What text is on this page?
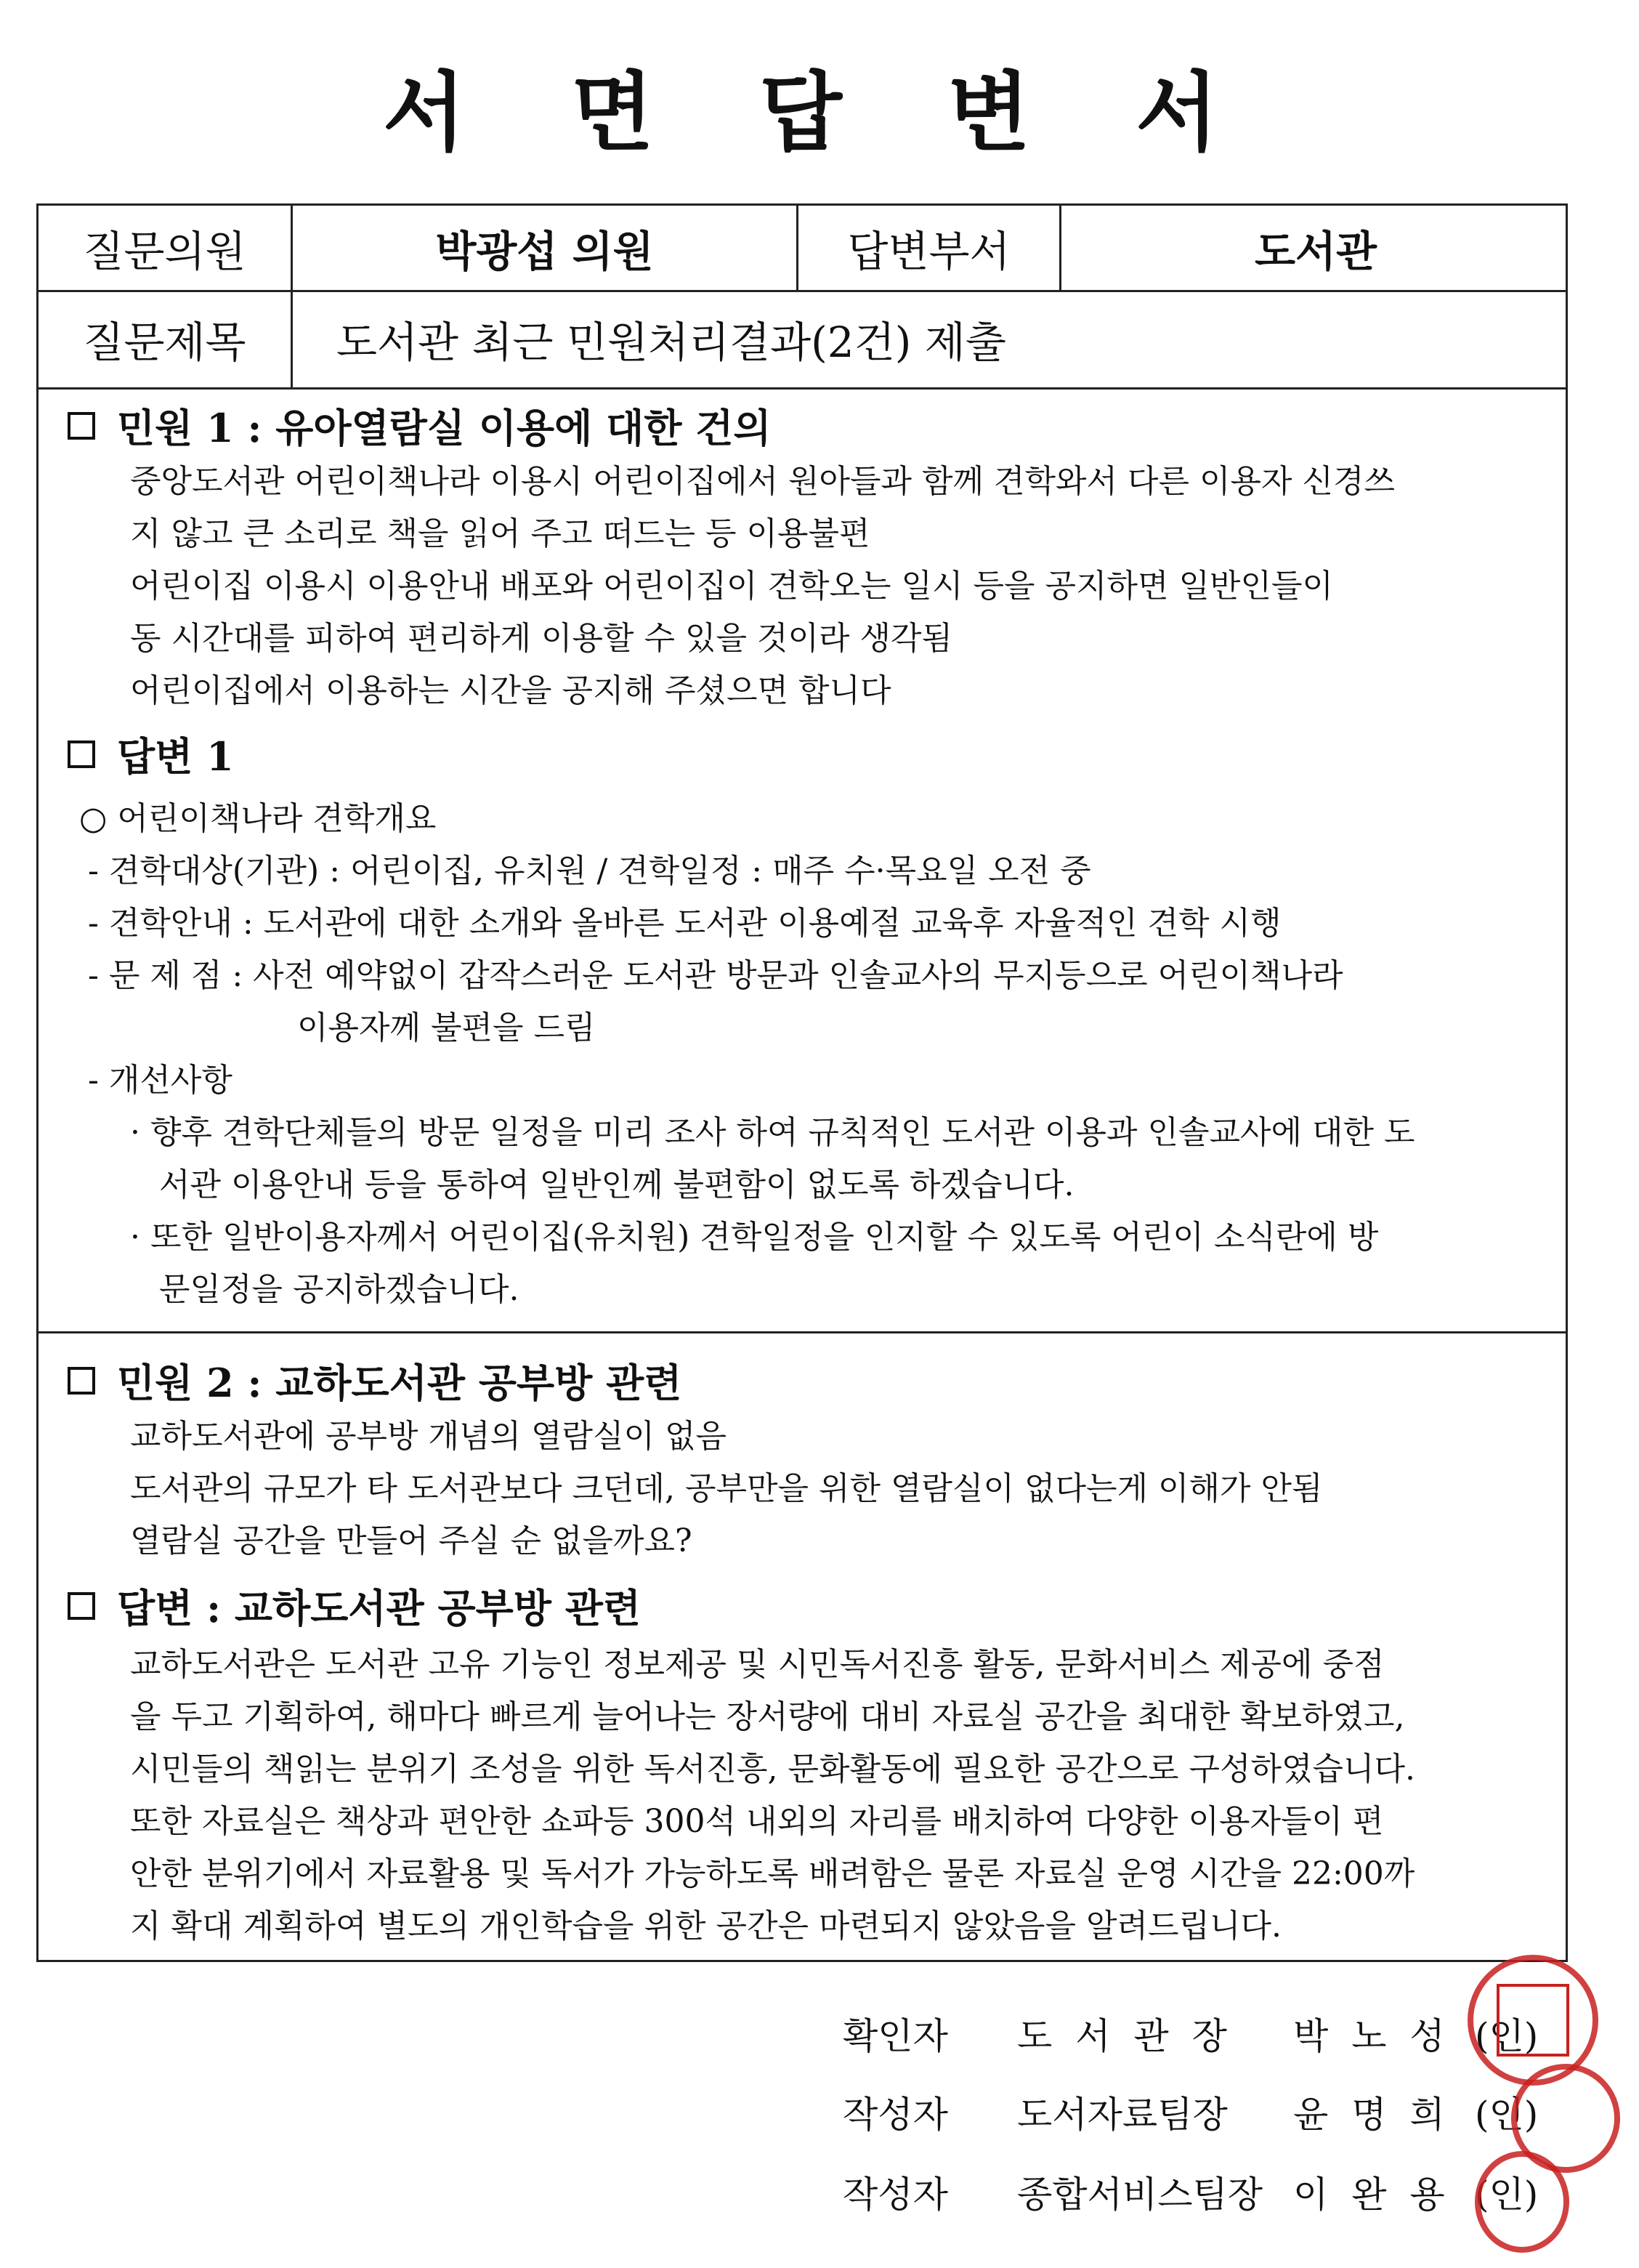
서 면 답 변 서
질문의원	박광섭 의원	답변부서	도서관
질문제목	도서관 최근 민원처리결과(2건) 제출
민원 1 : 유아열람실 이용에 대한 건의
중앙도서관 어린이책나라 이용시 어린이집에서 원아들과 함께 견학와서 다른 이용자 신경쓰
지 않고 큰 소리로 책을 읽어 주고 떠드는 등 이용불편
어린이집 이용시 이용안내 배포와 어린이집이 견학오는 일시 등을 공지하면 일반인들이
동 시간대를 피하여 편리하게 이용할 수 있을 것이라 생각됨
어린이집에서 이용하는 시간을 공지해 주셨으면 합니다
답변 1
○ 어린이책나라 견학개요
- 견학대상(기관) : 어린이집, 유치원 / 견학일정 : 매주 수·목요일 오전 중
- 견학안내 : 도서관에 대한 소개와 올바른 도서관 이용예절 교육후 자율적인 견학 시행
- 문 제 점 : 사전 예약없이 갑작스러운 도서관 방문과 인솔교사의 무지등으로 어린이책나라
이용자께 불편을 드림
- 개선사항
· 향후 견학단체들의 방문 일정을 미리 조사 하여 규칙적인 도서관 이용과 인솔교사에 대한 도
서관 이용안내 등을 통하여 일반인께 불편함이 없도록 하겠습니다.
· 또한 일반이용자께서 어린이집(유치원) 견학일정을 인지할 수 있도록 어린이 소식란에 방
문일정을 공지하겠습니다.
민원 2 : 교하도서관 공부방 관련
교하도서관에 공부방 개념의 열람실이 없음
도서관의 규모가 타 도서관보다 크던데, 공부만을 위한 열람실이 없다는게 이해가 안됨
열람실 공간을 만들어 주실 순 없을까요?
답변 : 교하도서관 공부방 관련
교하도서관은 도서관 고유 기능인 정보제공 및 시민독서진흥 활동, 문화서비스 제공에 중점
을 두고 기획하여, 해마다 빠르게 늘어나는 장서량에 대비 자료실 공간을 최대한 확보하였고,
시민들의 책읽는 분위기 조성을 위한 독서진흥, 문화활동에 필요한 공간으로 구성하였습니다.
또한 자료실은 책상과 편안한 쇼파등 300석 내외의 자리를 배치하여 다양한 이용자들이 편
안한 분위기에서 자료활용 및 독서가 가능하도록 배려함은 물론 자료실 운영 시간을 22:00까
지 확대 계획하여 별도의 개인학습을 위한 공간은 마련되지 않았음을 알려드립니다.
확인자 도 서 관 장 박 노 성 (인)
작성자 도서자료팀장 윤 명 희 (인)
작성자 종합서비스팀장 이 완 용 (인)
